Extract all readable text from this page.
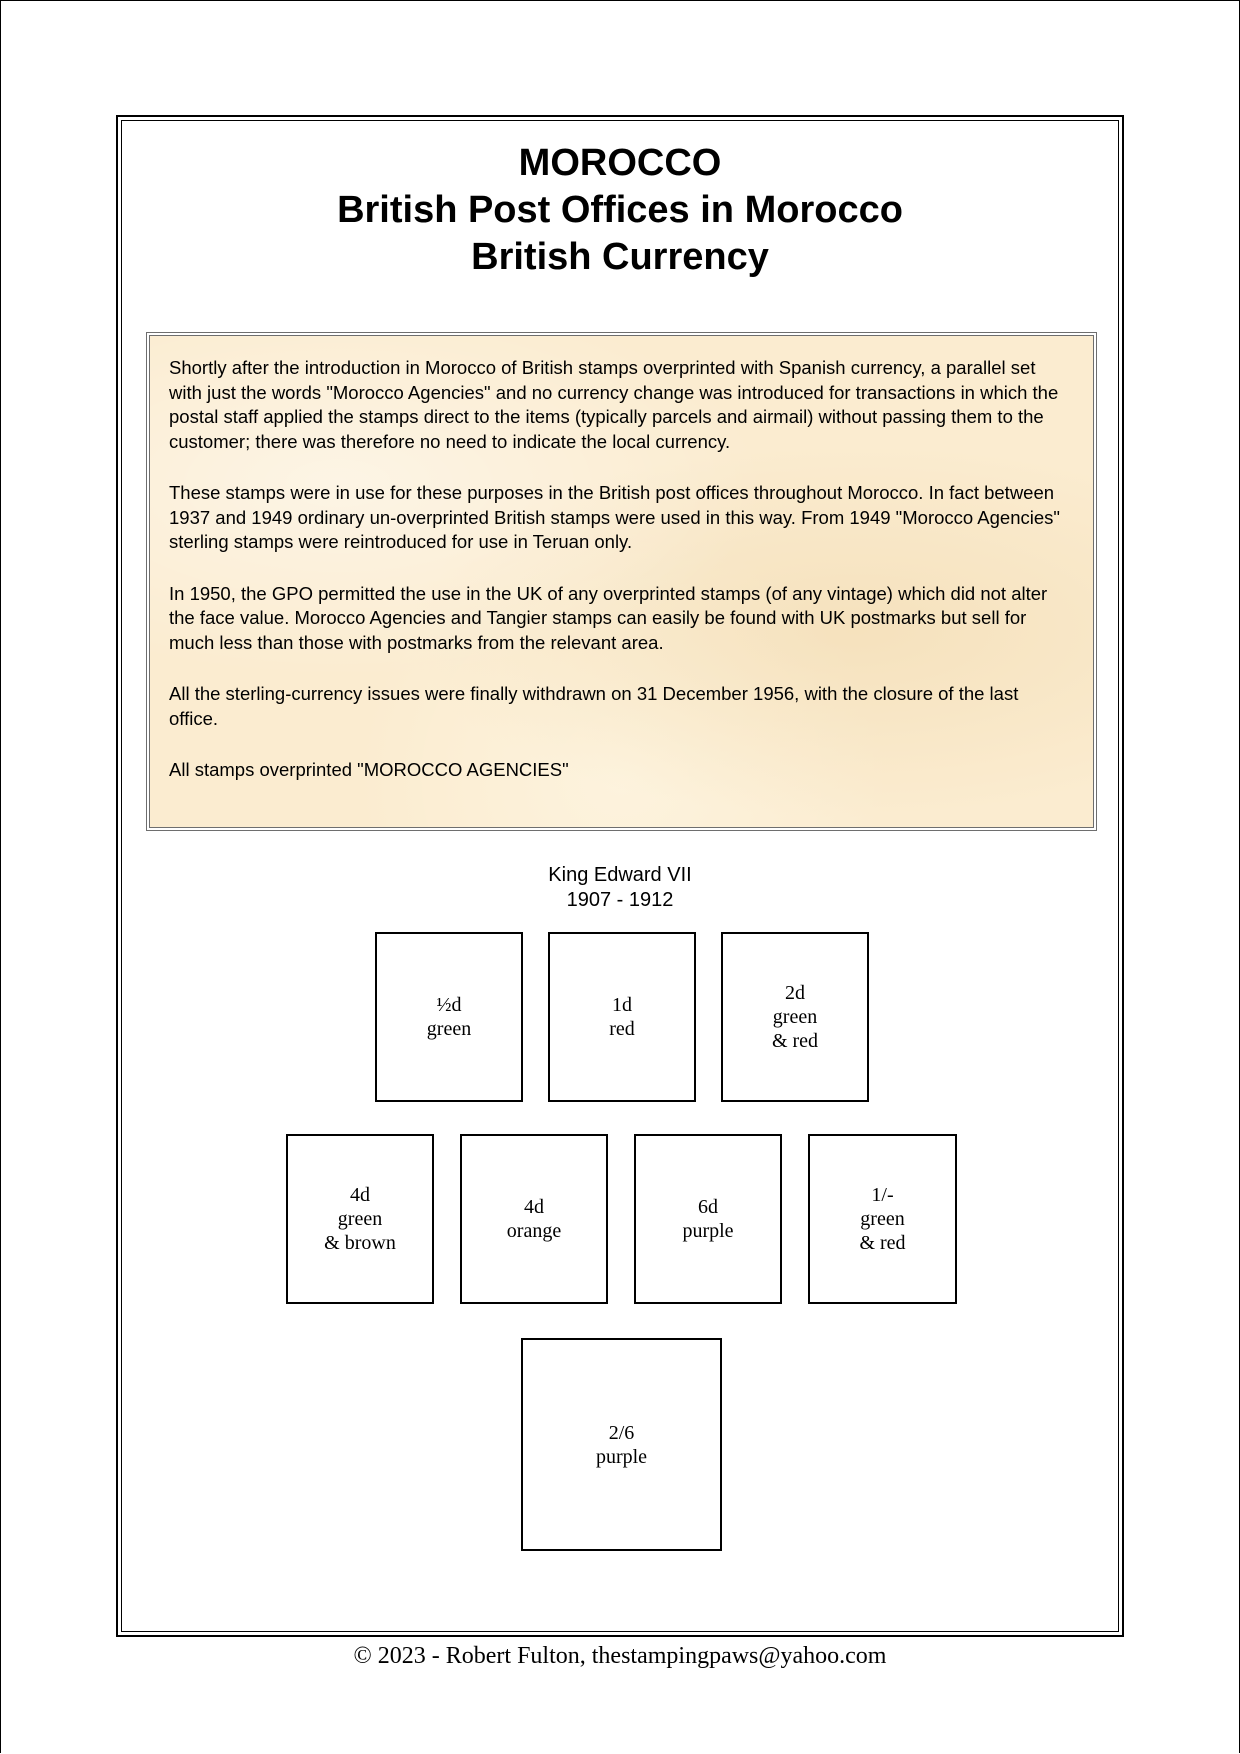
MOROCCO
British Post Offices in Morocco
British Currency

Shortly after the introduction in Morocco of British stamps overprinted with Spanish currency, a parallel set with just the words "Morocco Agencies" and no currency change was introduced for transactions in which the postal staff applied the stamps direct to the items (typically parcels and airmail) without passing them to the customer; there was therefore no need to indicate the local currency.

These stamps were in use for these purposes in the British post offices throughout Morocco. In fact between 1937 and 1949 ordinary un-overprinted British stamps were used in this way. From 1949 "Morocco Agencies" sterling stamps were reintroduced for use in Teruan only.

In 1950, the GPO permitted the use in the UK of any overprinted stamps (of any vintage) which did not alter the face value. Morocco Agencies and Tangier stamps can easily be found with UK postmarks but sell for much less than those with postmarks from the relevant area.

All the sterling-currency issues were finally withdrawn on 31 December 1956, with the closure of the last office.

All stamps overprinted "MOROCCO AGENCIES"

King Edward VII
1907 - 1912
½d
green
1d
red
2d
green
& red
4d
green
& brown
4d
orange
6d
purple
1/-
green
& red
2/6
purple
© 2023 - Robert Fulton, thestampingpaws@yahoo.com
